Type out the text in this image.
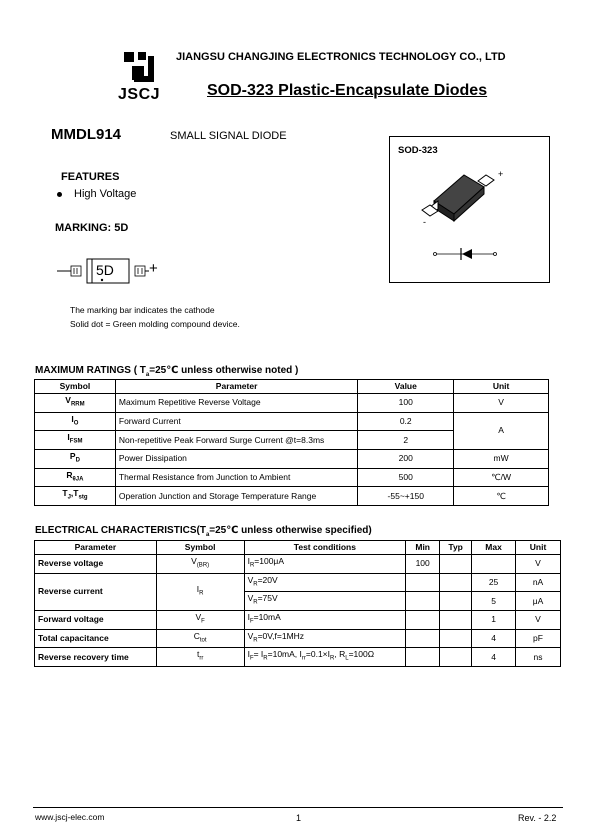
JSCJ
JIANGSU CHANGJING ELECTRONICS TECHNOLOGY CO., LTD
SOD-323 Plastic-Encapsulate Diodes
MMDL914	SMALL SIGNAL DIODE
FEATURES
High Voltage
MARKING: 5D
5D +
The marking bar indicates the cathode
Solid dot = Green molding compound device.
SOD-323
+
-
MAXIMUM RATINGS ( $T_a=25℃$ unless otherwise noted )
Symbol	Parameter	Value	Unit
$V_{RRM}$	Maximum Repetitive Reverse Voltage	100	V
$I_O$	Forward Current	0.2	A
$I_{FSM}$	Non-repetitive Peak Forward Surge Current @t=8.3ms	2	
$P_D$	Power Dissipation	200	mW
$R_{\theta JA}$	Thermal Resistance from Junction to Ambient	500	℃/W
$T_J,T_{stg}$	Operation Junction and Storage Temperature Range	-55~+150	℃
ELECTRICAL $CHARACTERISTICS(T_a=25℃$ unless otherwise specified)
Parameter	Symbol	Test conditions	Min	Typ	Max	Unit
Reverse voltage	$V_{(BR)}$	$I_R=100\mu A$	100			V
Reverse current	$I_R$	$V_R=20V$			25	nA
		$V_R=75V$			5	μA
Forward voltage	$V_F$	$I_F=10mA$			1	V
Total capacitance	$C_{tot}$	$V_R=0V,f=1MHz$			4	pF
Reverse recovery time	$t_{rr}$	$I_F= I_R=10mA$, $I_{rr}=0.1\times I_R$, $R_L=100\Omega$			4	ns
www.jscj-elec.com	1	Rev. - 2.2
